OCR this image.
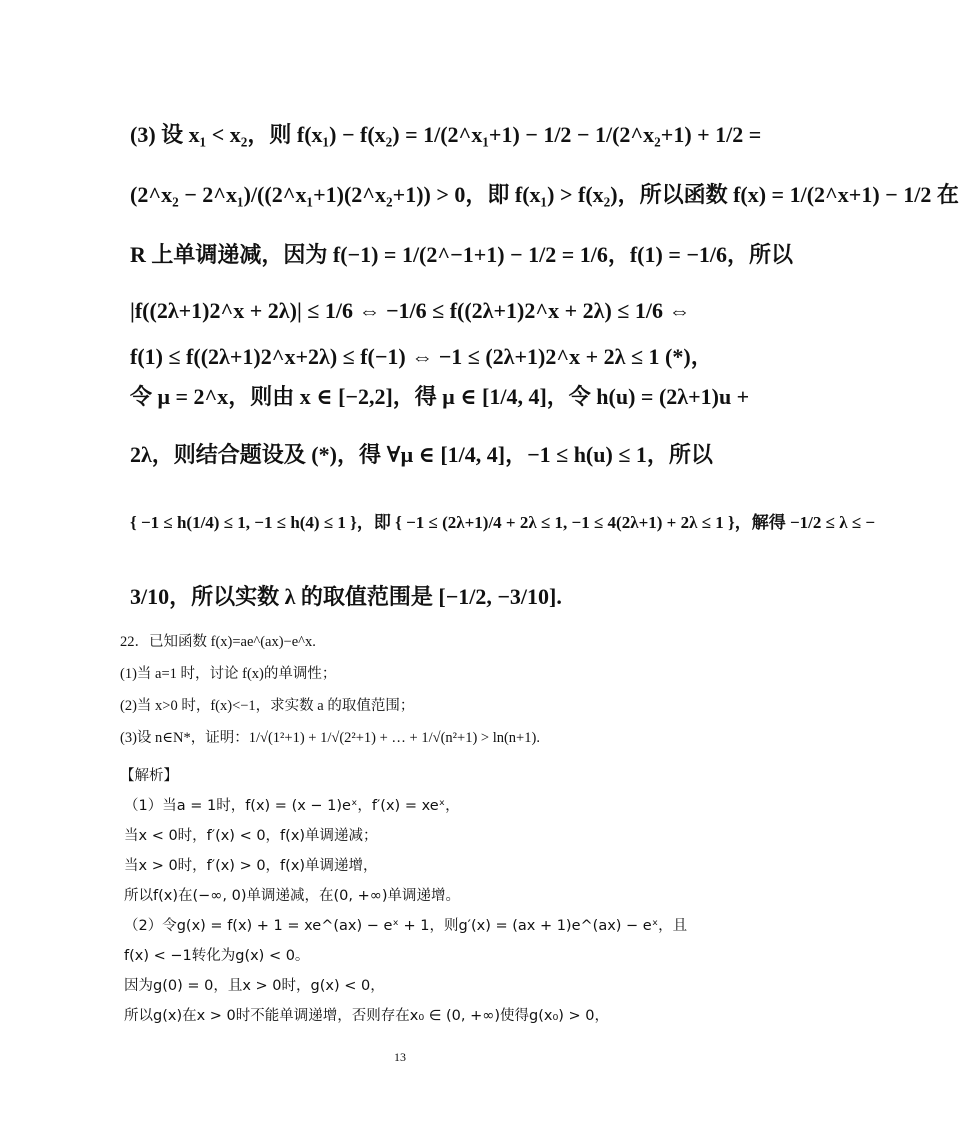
(3) 设 x₁ < x₂，则 f(x₁) − f(x₂) = 1/(2^x₁+1) − 1/2 − 1/(2^x₂+1) + 1/2 =
(2^x₂ − 2^x₁)/((2^x₁+1)(2^x₂+1)) > 0，即 f(x₁) > f(x₂)，所以函数 f(x) = 1/(2^x+1) − 1/2 在
R 上单调递减，因为 f(−1) = 1/(2^−1+1) − 1/2 = 1/6，f(1) = −1/6，所以
|f((2λ+1)2^x + 2λ)| ≤ 1/6 ⇔ −1/6 ≤ f((2λ+1)2^x + 2λ) ≤ 1/6 ⇔
f(1) ≤ f((2λ+1)2^x+2λ) ≤ f(−1) ⇔ −1 ≤ (2λ+1)2^x + 2λ ≤ 1 (*)，
令 μ = 2^x，则由 x ∈ [−2,2]，得 μ ∈ [1/4, 4]，令 h(u) = (2λ+1)u +
2λ，则结合题设及 (*)，得 ∀μ ∈ [1/4, 4]，−1 ≤ h(u) ≤ 1，所以
{ −1 ≤ h(1/4) ≤ 1, −1 ≤ h(4) ≤ 1 }，即 { −1 ≤ (2λ+1)/4 + 2λ ≤ 1, −1 ≤ 4(2λ+1) + 2λ ≤ 1 }，解得 −1/2 ≤ λ ≤ −
3/10，所以实数 λ 的取值范围是 [−1/2, −3/10].
22．已知函数 f(x)=ae^(ax)−e^x.
(1)当 a=1 时，讨论 f(x)的单调性；
(2)当 x>0 时，f(x)<−1，求实数 a 的取值范围；
(3)设 n∈N*，证明：1/√(1²+1) + 1/√(2²+1) + … + 1/√(n²+1) > ln(n+1).
【解析】
（1）当a = 1时，f(x) = (x − 1)eˣ，f′(x) = xeˣ，
当x < 0时，f′(x) < 0，f(x)单调递减；
当x > 0时，f′(x) > 0，f(x)单调递增，
所以f(x)在(−∞, 0)单调递减，在(0, +∞)单调递增。
（2）令g(x) = f(x) + 1 = xe^(ax) − eˣ + 1，则g′(x) = (ax + 1)e^(ax) − eˣ，且
f(x) < −1转化为g(x) < 0。
因为g(0) = 0，且x > 0时，g(x) < 0，
所以g(x)在x > 0时不能单调递增，否则存在x₀ ∈ (0, +∞)使得g(x₀) > 0，
13
